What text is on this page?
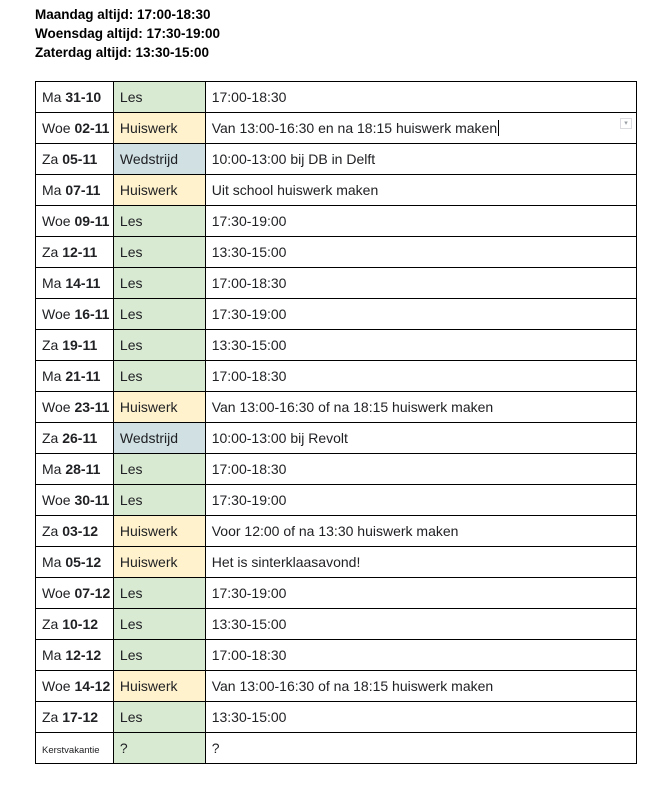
Maandag altijd: 17:00-18:30
Woensdag altijd: 17:30-19:00
Zaterdag altijd: 13:30-15:00
Ma 31-10	Les	17:00-18:30
Woe 02-11	Huiswerk	Van 13:00-16:30 en na 18:15 huiswerk maken ▾

Za 05-11	Wedstrijd	10:00-13:00 bij DB in Delft
Ma 07-11	Huiswerk	Uit school huiswerk maken
Woe 09-11	Les	17:30-19:00
Za 12-11	Les	13:30-15:00
Ma 14-11	Les	17:00-18:30
Woe 16-11	Les	17:30-19:00
Za 19-11	Les	13:30-15:00
Ma 21-11	Les	17:00-18:30
Woe 23-11	Huiswerk	Van 13:00-16:30 of na 18:15 huiswerk maken
Za 26-11	Wedstrijd	10:00-13:00 bij Revolt
Ma 28-11	Les	17:00-18:30
Woe 30-11	Les	17:30-19:00
Za 03-12	Huiswerk	Voor 12:00 of na 13:30 huiswerk maken
Ma 05-12	Huiswerk	Het is sinterklaasavond!
Woe 07-12	Les	17:30-19:00
Za 10-12	Les	13:30-15:00
Ma 12-12	Les	17:00-18:30
Woe 14-12	Huiswerk	Van 13:00-16:30 of na 18:15 huiswerk maken
Za 17-12	Les	13:30-15:00
Kerstvakantie	?	?
